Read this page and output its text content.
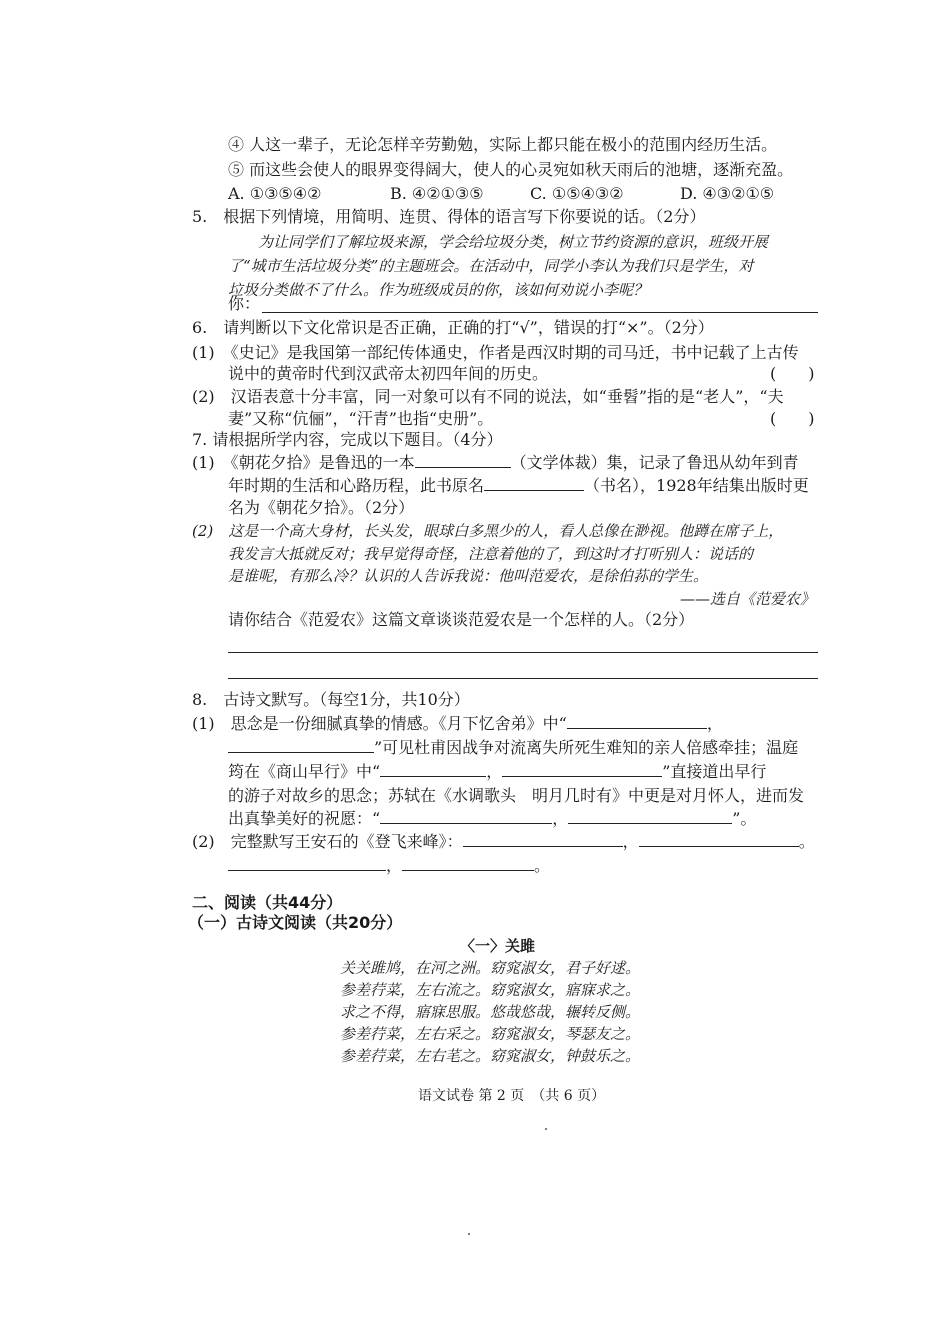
④ 人这一辈子，无论怎样辛劳勤勉，实际上都只能在极小的范围内经历生活。
⑤ 而这些会使人的眼界变得阔大，使人的心灵宛如秋天雨后的池塘，逐渐充盈。
A. ①③⑤④②	B. ④②①③⑤	C. ①⑤④③②	D. ④③②①⑤
5.　根据下列情境，用简明、连贯、得体的语言写下你要说的话。（2分）
为让同学们了解垃圾来源，学会给垃圾分类，树立节约资源的意识，班级开展
了“城市生活垃圾分类”的主题班会。在活动中，同学小李认为我们只是学生，对
垃圾分类做不了什么。作为班级成员的你，该如何劝说小李呢？
你：
6.　请判断以下文化常识是否正确，正确的打“√”，错误的打“×”。（2分）
(1)　《史记》是我国第一部纪传体通史，作者是西汉时期的司马迁，书中记载了上古传
说中的黄帝时代到汉武帝太初四年间的历史。	(　　)
(2)　汉语表意十分丰富，同一对象可以有不同的说法，如“垂髫”指的是“老人”，“夫
妻”又称“伉俪”，“汗青”也指“史册”。	(　　)
7. 请根据所学内容，完成以下题目。（4分）
(1)　《朝花夕拾》是鲁迅的一本	（文学体裁）集，记录了鲁迅从幼年到青
年时期的生活和心路历程，此书原名	（书名），1928年结集出版时更
名为《朝花夕拾》。（2分）
(2)　这是一个高大身材，长头发，眼球白多黑少的人，看人总像在渺视。他蹲在席子上，
我发言大抵就反对；我早觉得奇怪，注意着他的了，到这时才打听别人：说话的
是谁呢，有那么冷？认识的人告诉我说：他叫范爱农，是徐伯荪的学生。
——选自《范爱农》
请你结合《范爱农》这篇文章谈谈范爱农是一个怎样的人。（2分）
8.　古诗文默写。（每空1分，共10分）
(1)　思念是一份细腻真挚的情感。《月下忆舍弟》中“	，
”可见杜甫因战争对流离失所死生难知的亲人倍感牵挂；温庭
筠在《商山早行》中“	，	”直接道出早行
的游子对故乡的思念；苏轼在《水调歌头　明月几时有》中更是对月怀人，进而发
出真挚美好的祝愿：“	，	”。
(2)　完整默写王安石的《登飞来峰》：	，	。
，	。
二、阅读（共44分）
（一）古诗文阅读（共20分）
〈一〉关雎
关关雎鸠，在河之洲。窈窕淑女，君子好逑。
参差荇菜，左右流之。窈窕淑女，寤寐求之。
求之不得，寤寐思服。悠哉悠哉，辗转反侧。
参差荇菜，左右采之。窈窕淑女，琴瑟友之。
参差荇菜，左右芼之。窈窕淑女，钟鼓乐之。
语文试卷 第 2 页　（共 6 页）
